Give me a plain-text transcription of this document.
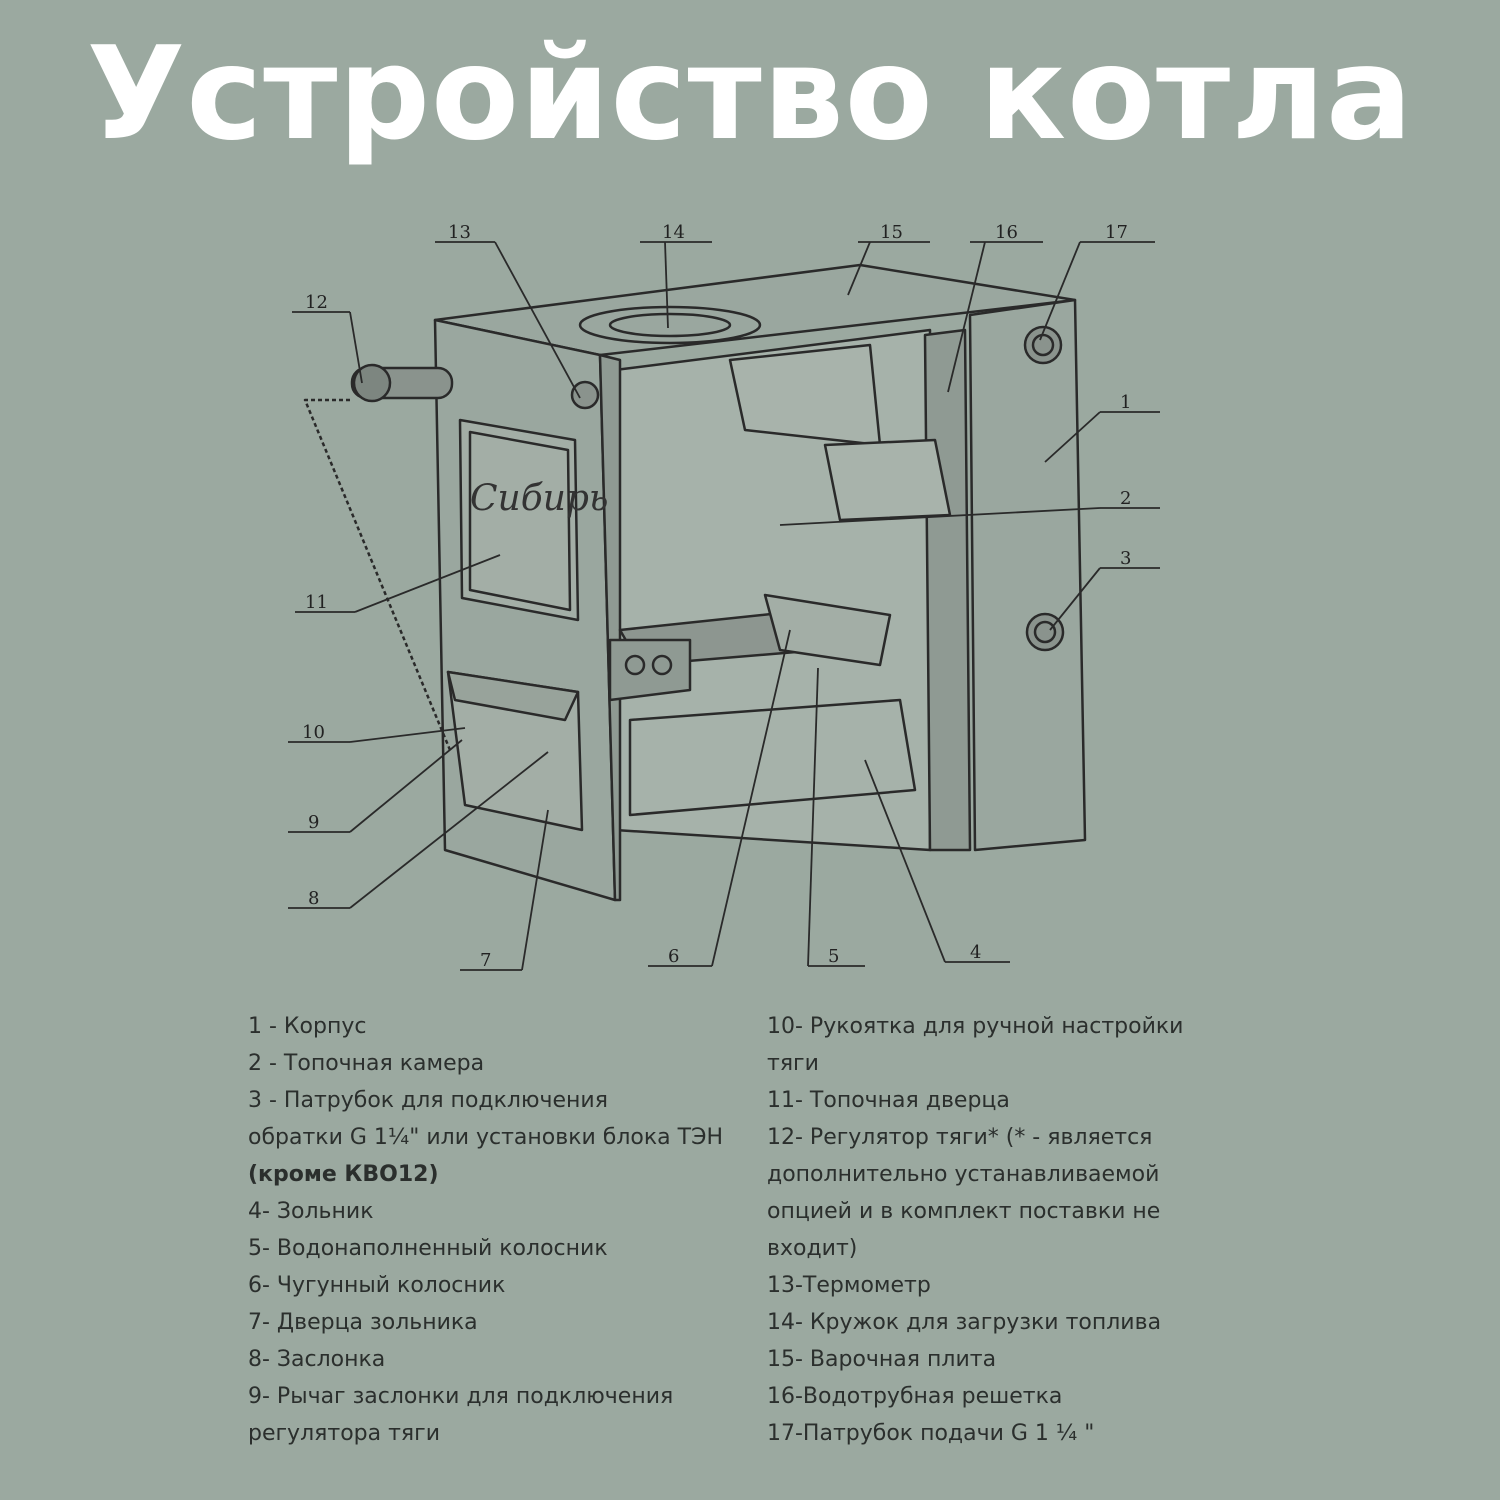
Устройство котла
Сибирь
1
2
3
4
5
6
7
8
9
10
11
12
13	14	15	16	17
1 - Корпус
2 - Топочная камера
3 - Патрубок для подключения
обратки G 1¼" или установки блока ТЭН
(кроме КВО12)
4- Зольник
5- Водонаполненный колосник
6- Чугунный колосник
7- Дверца зольника
8- Заслонка
9- Рычаг заслонки для подключения
регулятора тяги
10- Рукоятка для ручной настройки
тяги
11- Топочная дверца
12- Регулятор тяги* (* - является
дополнительно устанавливаемой
опцией и в комплект поставки не
входит)
13-Термометр
14- Кружок для загрузки топлива
15- Варочная плита
16-Водотрубная решетка
17-Патрубок подачи G 1 ¼ "
